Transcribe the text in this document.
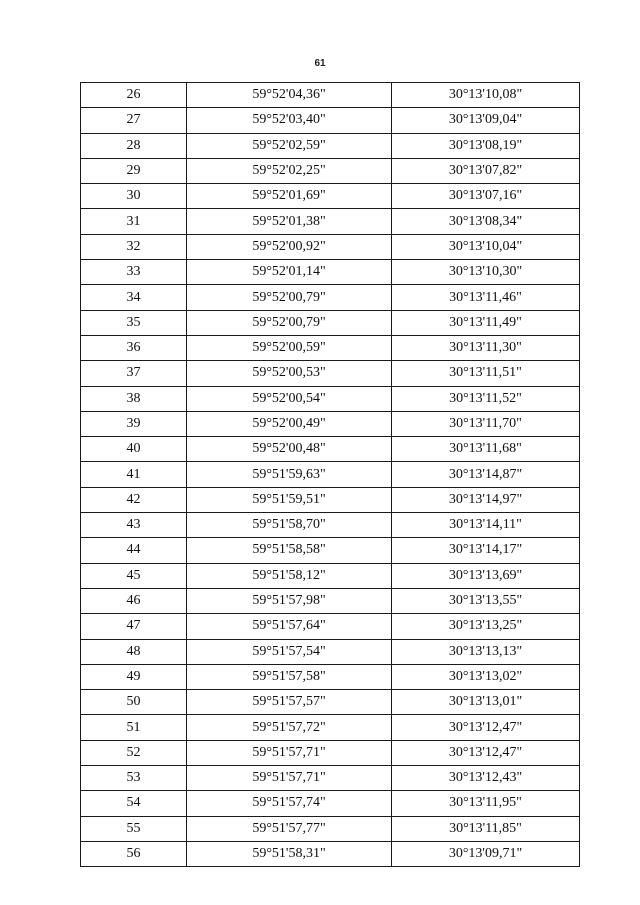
61
26	59°52'04,36"	30°13'10,08"
27	59°52'03,40"	30°13'09,04"
28	59°52'02,59"	30°13'08,19"
29	59°52'02,25"	30°13'07,82"
30	59°52'01,69"	30°13'07,16"
31	59°52'01,38"	30°13'08,34"
32	59°52'00,92"	30°13'10,04"
33	59°52'01,14"	30°13'10,30"
34	59°52'00,79"	30°13'11,46"
35	59°52'00,79"	30°13'11,49"
36	59°52'00,59"	30°13'11,30"
37	59°52'00,53"	30°13'11,51"
38	59°52'00,54"	30°13'11,52"
39	59°52'00,49"	30°13'11,70"
40	59°52'00,48"	30°13'11,68"
41	59°51'59,63"	30°13'14,87"
42	59°51'59,51"	30°13'14,97"
43	59°51'58,70"	30°13'14,11"
44	59°51'58,58"	30°13'14,17"
45	59°51'58,12"	30°13'13,69"
46	59°51'57,98"	30°13'13,55"
47	59°51'57,64"	30°13'13,25"
48	59°51'57,54"	30°13'13,13"
49	59°51'57,58"	30°13'13,02"
50	59°51'57,57"	30°13'13,01"
51	59°51'57,72"	30°13'12,47"
52	59°51'57,71"	30°13'12,47"
53	59°51'57,71"	30°13'12,43"
54	59°51'57,74"	30°13'11,95"
55	59°51'57,77"	30°13'11,85"
56	59°51'58,31"	30°13'09,71"
